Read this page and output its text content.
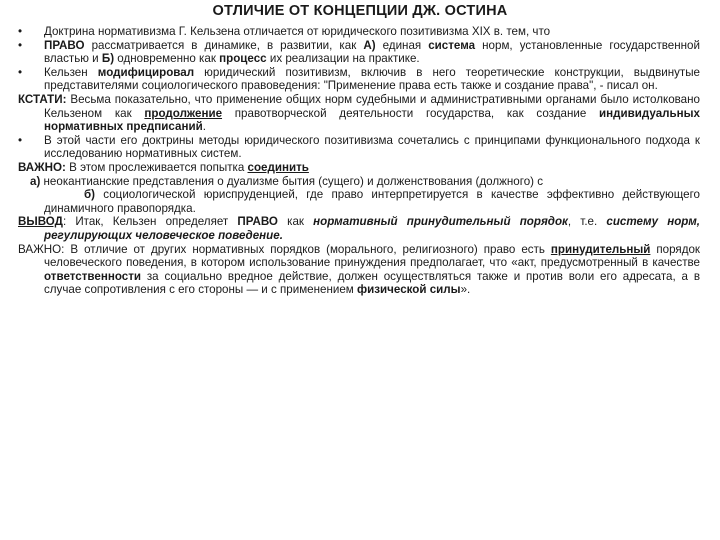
ОТЛИЧИЕ ОТ КОНЦЕПЦИИ ДЖ. ОСТИНА

• Доктрина нормативизма Г. Кельзена отличается от юридического позитивизма XIX в. тем, что

• ПРАВО рассматривается в динамике, в развитии, как А) единая система норм, установленные государственной властью и Б) одновременно как процесс их реализации на практике.

• Кельзен модифицировал юридический позитивизм, включив в него теоретические конструкции, выдвинутые представителями социологического правоведения: "Применение права есть также и создание права", - писал он.

КСТАТИ: Весьма показательно, что применение общих норм судебными и административными органами было истолковано Кельзеном как продолжение правотворческой деятельности государства, как создание индивидуальных нормативных предписаний.

• В этой части его доктрины методы юридического позитивизма сочетались с принципами функционального подхода к исследованию нормативных систем.

ВАЖНО: В этом прослеживается попытка соединить

а) неокантианские представления о дуализме бытия (сущего) и долженствования (должного) с

б) социологической юриспруденцией, где право интерпретируется в качестве эффективно действующего динамичного правопорядка.

ВЫВОД: Итак, Кельзен определяет ПРАВО как нормативный принудительный порядок, т.е. систему норм, регулирующих человеческое поведение.

ВАЖНО: В отличие от других нормативных порядков (моральнoго, религиозного) право есть принудительный порядок человеческого поведения, в котором использование принуждения предполагает, что «акт, предусмотренный в качестве ответственности за социально вредное действие, должен осуществляться также и против воли его адресата, а в случае сопротивления с его стороны — и с применением физической силы».
